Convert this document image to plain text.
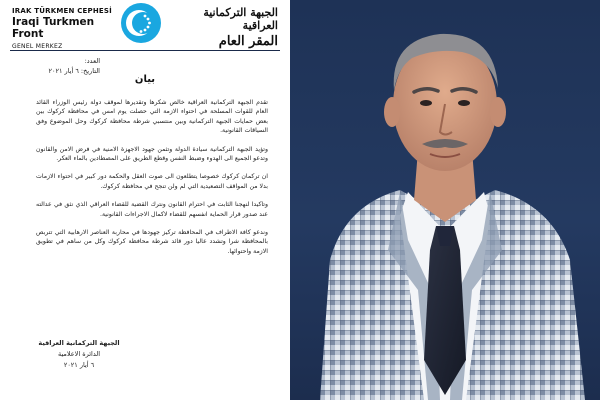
IRAK TÜRKMEN CEPHESİ
Iraqi Turkmen Front
GENEL MERKEZ
الجبهة التركمانية العراقية
المقر العام
العدد:
التاريخ: ٦ أيار ٢٠٢١
بيان

تقدم الجبهة التركمانية العراقية خالص شكرها وتقديرها لموقف دولة رئيس الوزراء القائد العام للقوات المسلحة في احتواء الازمة التي حصلت يوم امس في محافظة كركوك بين بعض حمايات الجبهة التركمانية وبين منتسبي شرطة محافظة كركوك وحل الموضوع وفق السياقات القانونية.

وتؤيد الجبهة التركمانية سيادة الدولة وتثمن جهود الاجهزة الامنية في فرض الامن والقانون وتدعو الجميع الى الهدوء وضبط النفس وقطع الطريق على المصطادين بالماء العكر.

ان تركمان كركوك خصوصا يتطلعون الى صوت العقل والحكمة دور كبير في احتواء الازمات بدلا من المواقف التصعيدية التي لم ولن تنجح في محافظة كركوك.

وتاكيدا لنهجنا الثابت في احترام القانون ونترك القضية للقضاء العراقي الذي نثق في عدالته عند صدور قرار الحماية انفسهم للقضاء لاكمال الاجراءات القانونية.

وندعو كافة الاطراف في المحافظة تركيز جهودها في محاربة العناصر الارهابية التي تتربص بالمحافظة شرا وتشدد عاليا دور قائد شرطة محافظة كركوك وكل من ساهم في تطويق الازمة واحتوائها.

الجبهة التركمانية العراقية
الدائرة الاعلامية
٦ أيار ٢٠٢١
